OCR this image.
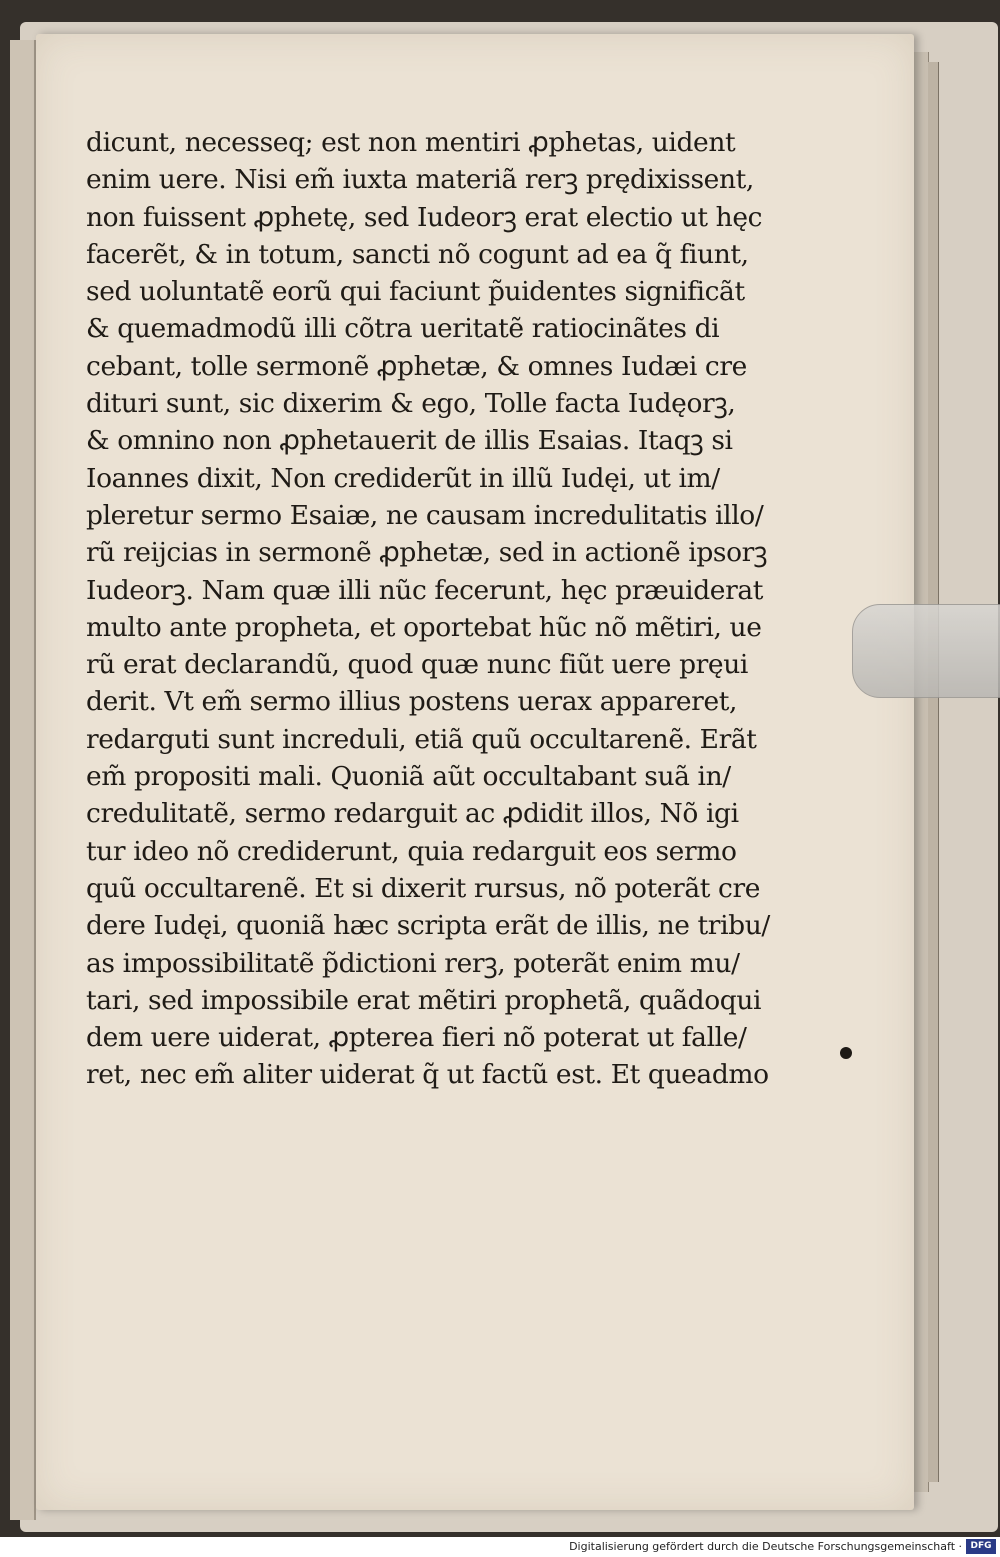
dicunt, necesseq; est non mentiri ꝓphetas, uident
enim uere. Nisi em̃ iuxta materiã rerꝫ prędixissent,
non fuissent ꝓphetę, sed Iudeorꝫ erat electio ut hęc
facerẽt, & in totum, sancti nõ cogunt ad ea q̃ fiunt,
sed uoluntatẽ eorũ qui faciunt p̃uidentes significãt
& quemadmodũ illi cõtra ueritatẽ ratiocinãtes di
cebant, tolle sermonẽ ꝓphetæ, & omnes Iudæi cre
dituri sunt, sic dixerim & ego, Tolle facta Iudęorꝫ,
& omnino non ꝓphetauerit de illis Esaias. Itaqꝫ si
Ioannes dixit, Non crediderũt in illũ Iudęi, ut im/
pleretur sermo Esaiæ, ne causam incredulitatis illo/
rũ reijcias in sermonẽ ꝓphetæ, sed in actionẽ ipsorꝫ
Iudeorꝫ. Nam quæ illi nũc fecerunt, hęc præuiderat
multo ante propheta, et oportebat hũc nõ mẽtiri, ue
rũ erat declarandũ, quod quæ nunc fiũt uere pręui
derit. Vt em̃ sermo illius postens uerax appareret,
redarguti sunt increduli, etiã quũ occultarenẽ. Erãt
em̃ propositi mali. Quoniã aũt occultabant suã in/
credulitatẽ, sermo redarguit ac ꝓdidit illos, Nõ igi
tur ideo nõ crediderunt, quia redarguit eos sermo
quũ occultarenẽ. Et si dixerit rursus, nõ poterãt cre
dere Iudęi, quoniã hæc scripta erãt de illis, ne tribu/
as impossibilitatẽ p̃dictioni rerꝫ, poterãt enim mu/
tari, sed impossibile erat mẽtiri prophetã, quãdoqui
dem uere uiderat, ꝓpterea fieri nõ poterat ut falle/
ret, nec em̃ aliter uiderat q̃ ut factũ est. Et queadmo
Digitalisierung gefördert durch die Deutsche Forschungsgemeinschaft · DFG
